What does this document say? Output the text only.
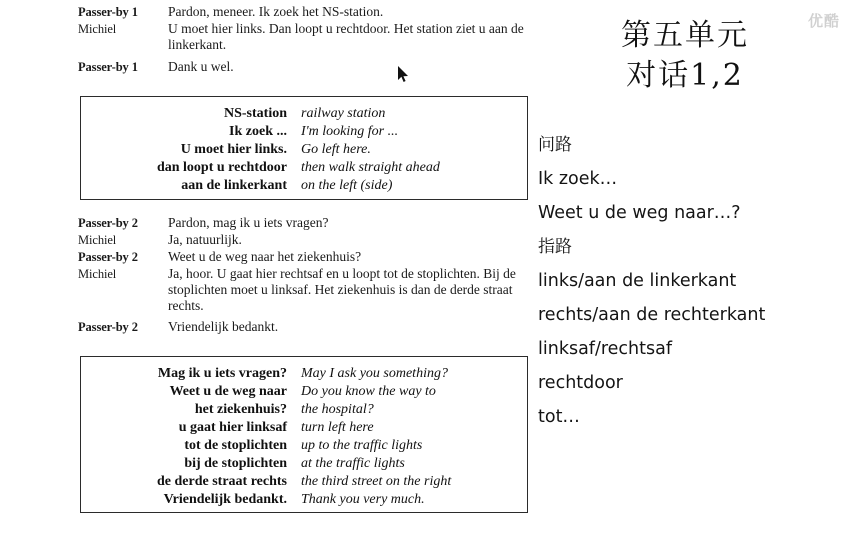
Passer-by 1	Pardon, meneer. Ik zoek het NS-station.
Michiel	U moet hier links. Dan loopt u rechtdoor. Het station ziet u aan de linkerkant.
Passer-by 1	Dank u wel.
NS-station	railway station
Ik zoek ...	I'm looking for ...
U moet hier links.	Go left here.
dan loopt u rechtdoor	then walk straight ahead
aan de linkerkant	on the left (side)
Passer-by 2	Pardon, mag ik u iets vragen?
Michiel	Ja, natuurlijk.
Passer-by 2	Weet u de weg naar het ziekenhuis?
Michiel	Ja, hoor. U gaat hier rechtsaf en u loopt tot de stoplichten. Bij de stoplichten moet u linksaf. Het ziekenhuis is dan de derde straat rechts.
Passer-by 2	Vriendelijk bedankt.
Mag ik u iets vragen?	May I ask you something?
Weet u de weg naar	Do you know the way to
het ziekenhuis?	the hospital?
u gaat hier linksaf	turn left here
tot de stoplichten	up to the traffic lights
bij de stoplichten	at the traffic lights
de derde straat rechts	the third street on the right
Vriendelijk bedankt.	Thank you very much.
第五单元
对话1,2
问路
Ik zoek…
Weet u de weg naar…?
指路
links/aan de linkerkant
rechts/aan de rechterkant
linksaf/rechtsaf
rechtdoor
tot…
优酷
